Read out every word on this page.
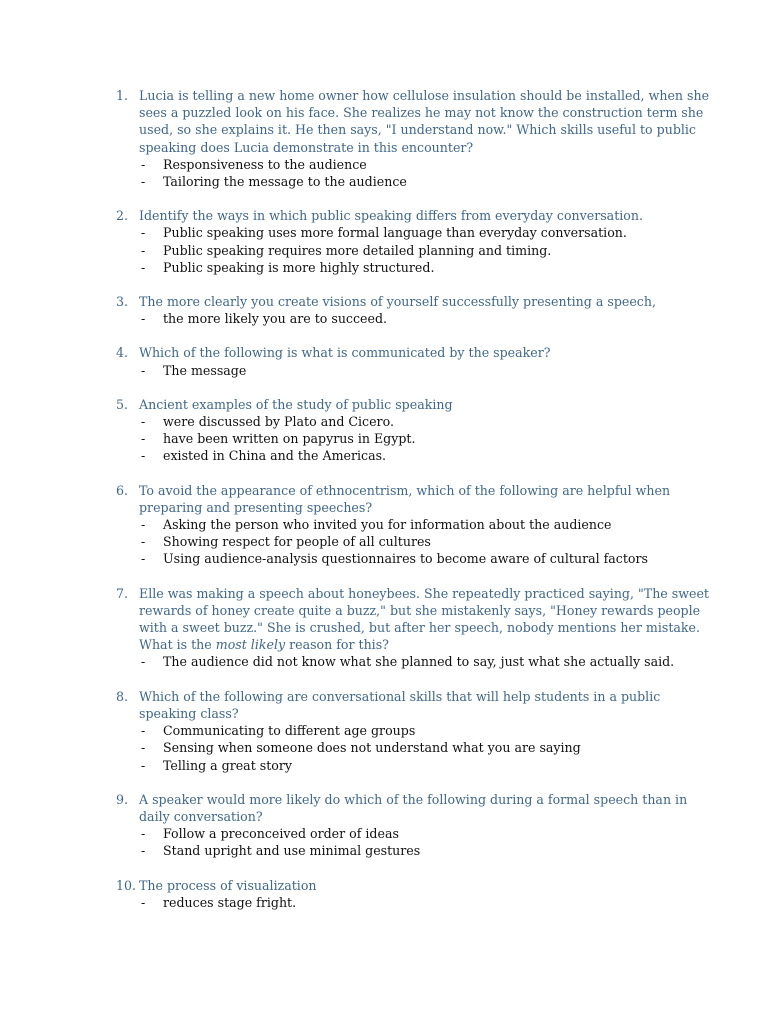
1. Lucia is telling a new home owner how cellulose insulation should be installed, when she sees a puzzled look on his face. She realizes he may not know the construction term she used, so she explains it. He then says, "I understand now." Which skills useful to public speaking does Lucia demonstrate in this encounter?
- Responsiveness to the audience
- Tailoring the message to the audience
2. Identify the ways in which public speaking differs from everyday conversation.
- Public speaking uses more formal language than everyday conversation.
- Public speaking requires more detailed planning and timing.
- Public speaking is more highly structured.
3. The more clearly you create visions of yourself successfully presenting a speech,
- the more likely you are to succeed.
4. Which of the following is what is communicated by the speaker?
- The message
5. Ancient examples of the study of public speaking
- were discussed by Plato and Cicero.
- have been written on papyrus in Egypt.
- existed in China and the Americas.
6. To avoid the appearance of ethnocentrism, which of the following are helpful when preparing and presenting speeches?
- Asking the person who invited you for information about the audience
- Showing respect for people of all cultures
- Using audience-analysis questionnaires to become aware of cultural factors
7. Elle was making a speech about honeybees. She repeatedly practiced saying, "The sweet rewards of honey create quite a buzz," but she mistakenly says, "Honey rewards people with a sweet buzz." She is crushed, but after her speech, nobody mentions her mistake. What is the most likely reason for this?
- The audience did not know what she planned to say, just what she actually said.
8. Which of the following are conversational skills that will help students in a public speaking class?
- Communicating to different age groups
- Sensing when someone does not understand what you are saying
- Telling a great story
9. A speaker would more likely do which of the following during a formal speech than in daily conversation?
- Follow a preconceived order of ideas
- Stand upright and use minimal gestures
10. The process of visualization
- reduces stage fright.
